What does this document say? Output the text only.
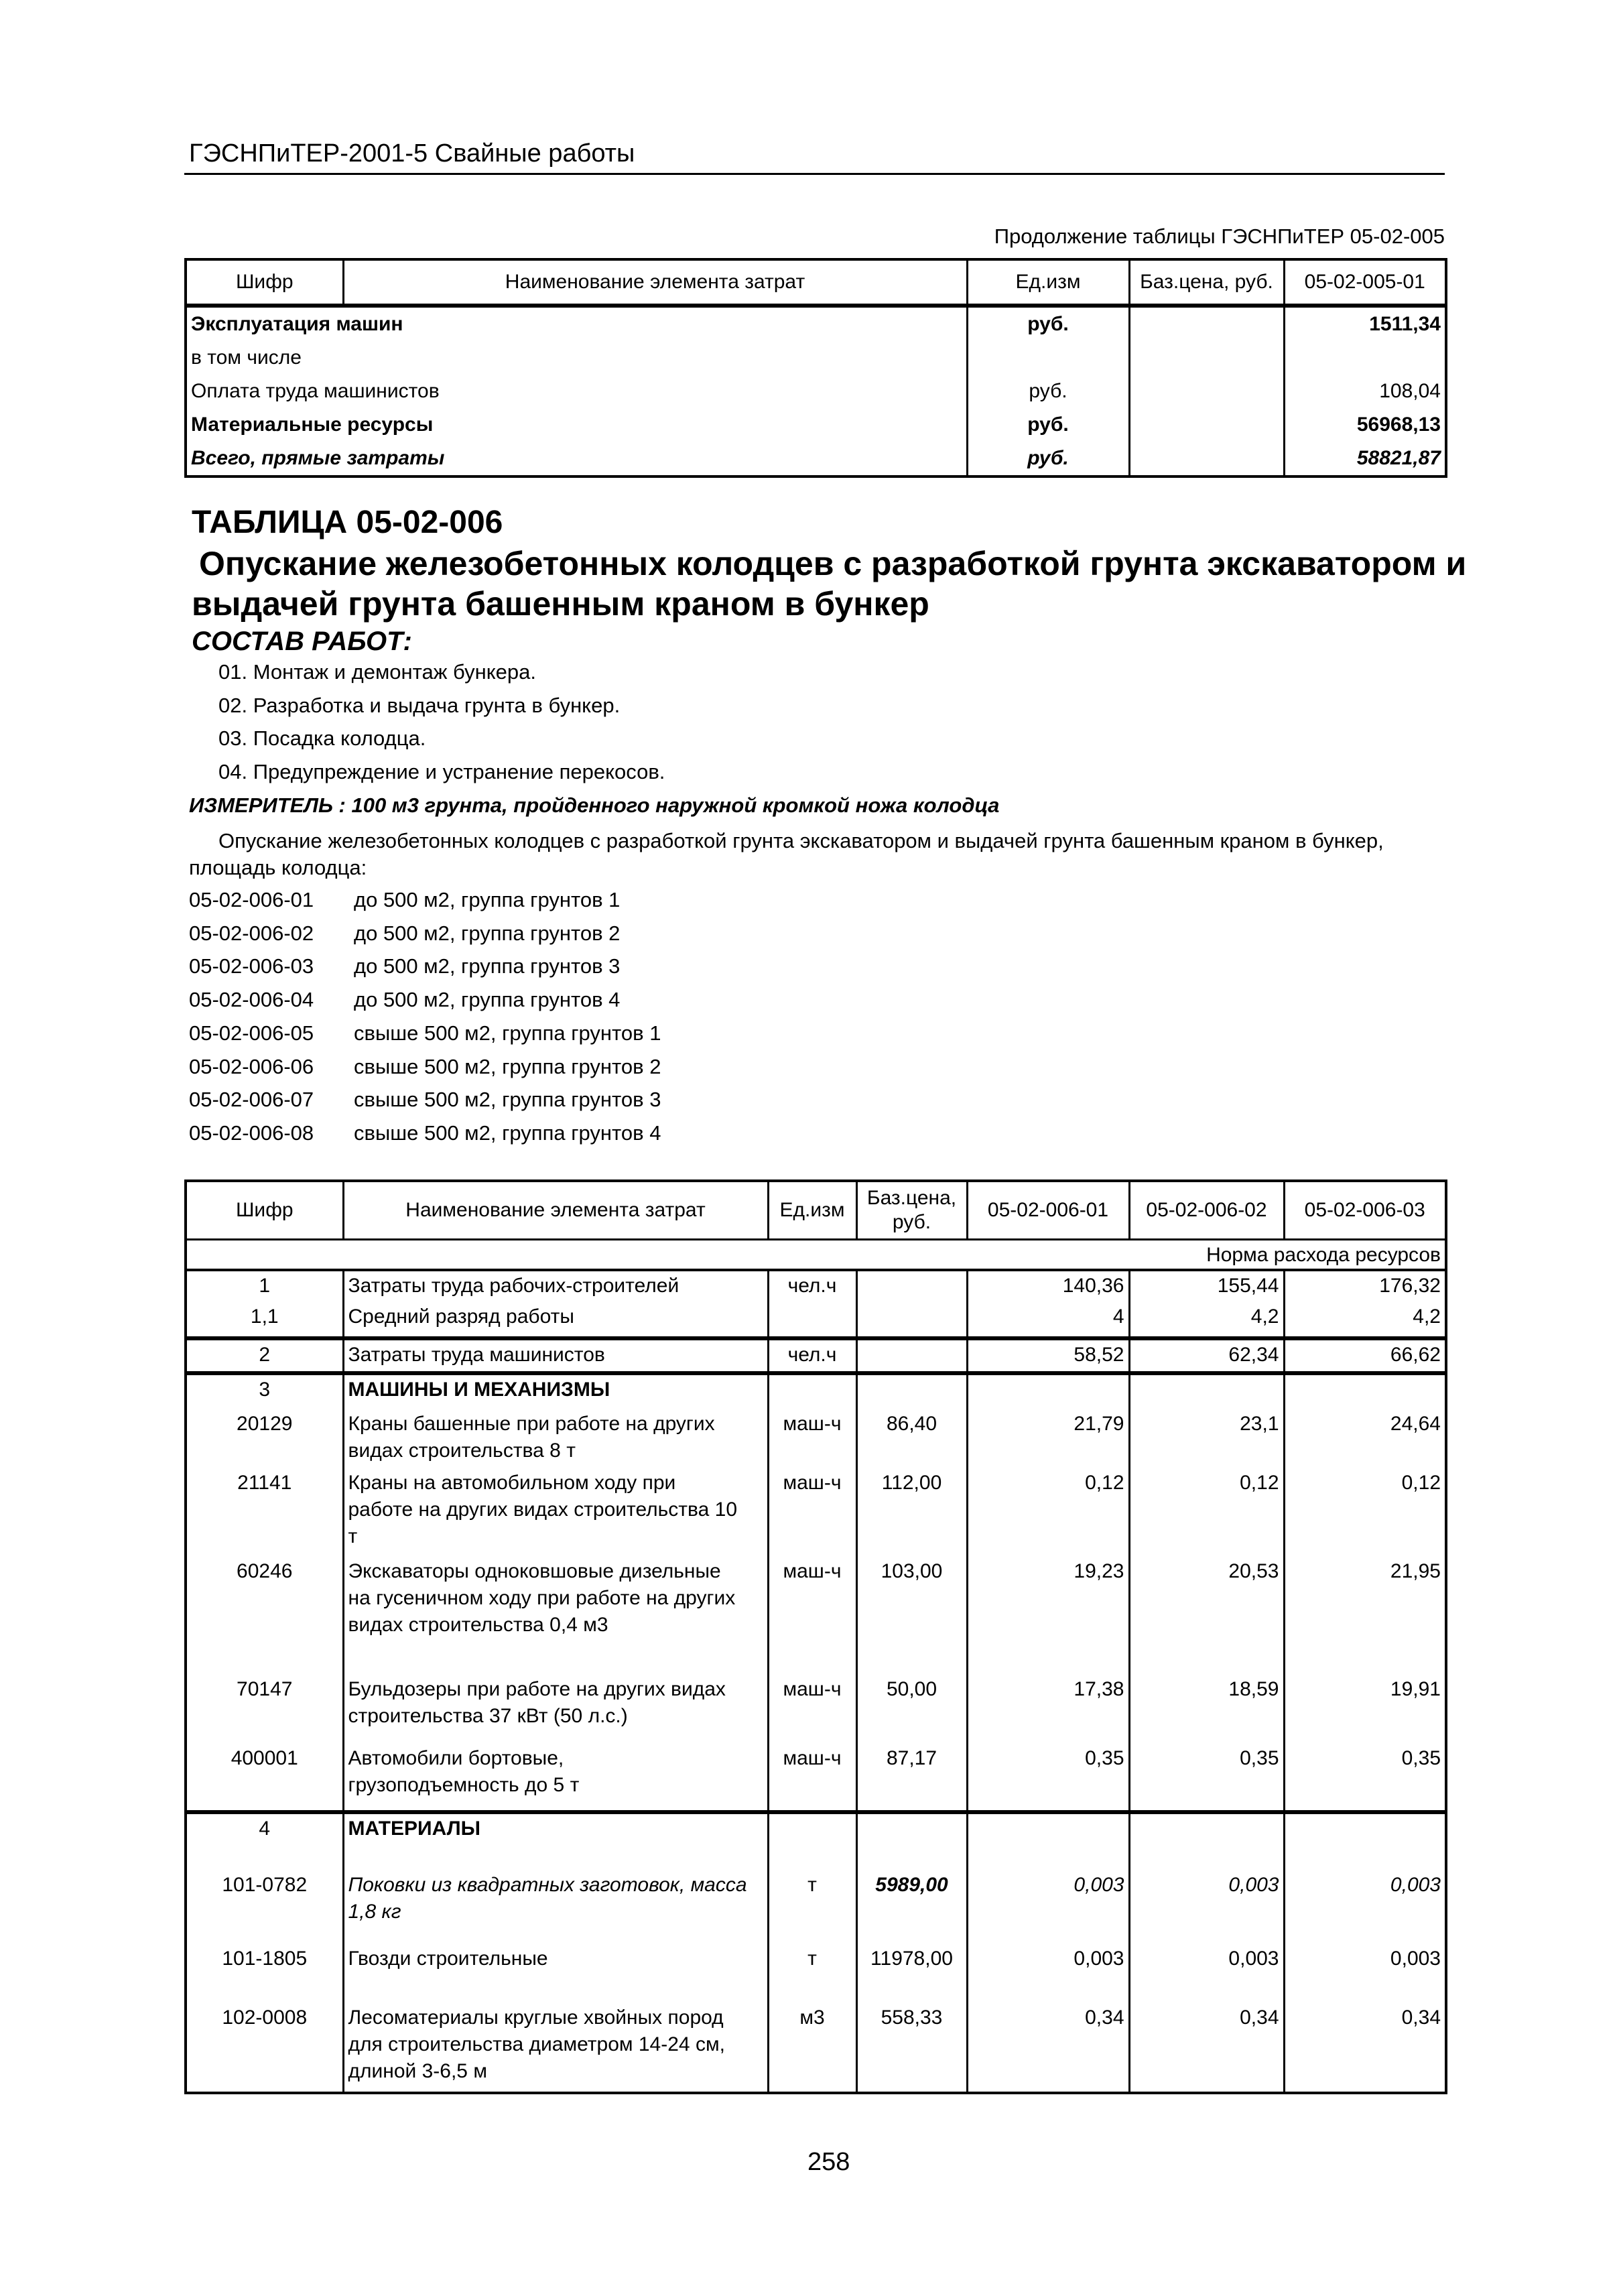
ГЭСНПиТЕР-2001-5 Свайные работы
Продолжение таблицы ГЭСНПиТЕР 05-02-005
Шифр	Наименование элемента затрат	Ед.изм	Баз.цена, руб.	05-02-005-01
Эксплуатация машин		руб.		1511,34
в том числе				
Оплата труда машинистов		руб.		108,04
Материальные ресурсы		руб.		56968,13
Всего, прямые затраты		руб.		58821,87
ТАБЛИЦА 05-02-006
Опускание железобетонных колодцев с разработкой грунта экскаватором и
выдачей грунта башенным краном в бункер
СОСТАВ РАБОТ:
01. Монтаж и демонтаж бункера.
02. Разработка и выдача грунта в бункер.
03. Посадка колодца.
04. Предупреждение и устранение перекосов.
ИЗМЕРИТЕЛЬ : 100 м3 грунта, пройденного наружной кромкой ножа колодца
Опускание железобетонных колодцев с разработкой грунта экскаватором и выдачей грунта башенным краном в бункер,
площадь колодца:
05-02-006-01 до 500 м2, группа грунтов 1
05-02-006-02 до 500 м2, группа грунтов 2
05-02-006-03 до 500 м2, группа грунтов 3
05-02-006-04 до 500 м2, группа грунтов 4
05-02-006-05 свыше 500 м2, группа грунтов 1
05-02-006-06 свыше 500 м2, группа грунтов 2
05-02-006-07 свыше 500 м2, группа грунтов 3
05-02-006-08 свыше 500 м2, группа грунтов 4
Шифр	Наименование элемента затрат	Ед.изм	Баз.цена,
руб.	05-02-006-01	05-02-006-02	05-02-006-03
Норма расхода ресурсов						
1	Затраты труда рабочих-строителей	чел.ч		140,36	155,44	176,32
1,1	Средний разряд работы			4	4,2	4,2
2	Затраты труда машинистов	чел.ч		58,52	62,34	66,62
3	МАШИНЫ И МЕХАНИЗМЫ					
20129	Краны башенные при работе на других
видах строительства 8 т	маш-ч	86,40	21,79	23,1	24,64
21141	Краны на автомобильном ходу при
работе на других видах строительства 10
т	маш-ч	112,00	0,12	0,12	0,12
60246	Экскаваторы одноковшовые дизельные
на гусеничном ходу при работе на других
видах строительства 0,4 м3	маш-ч	103,00	19,23	20,53	21,95
70147	Бульдозеры при работе на других видах
строительства 37 кВт (50 л.с.)	маш-ч	50,00	17,38	18,59	19,91
400001	Автомобили бортовые,
грузоподъемность до 5 т	маш-ч	87,17	0,35	0,35	0,35
4	МАТЕРИАЛЫ					
101-0782	Поковки из квадратных заготовок, масса
1,8 кг	т	5989,00	0,003	0,003	0,003
101-1805	Гвозди строительные	т	11978,00	0,003	0,003	0,003
102-0008	Лесоматериалы круглые хвойных пород
для строительства диаметром 14-24 см,
длиной 3-6,5 м	м3	558,33	0,34	0,34	0,34
258
